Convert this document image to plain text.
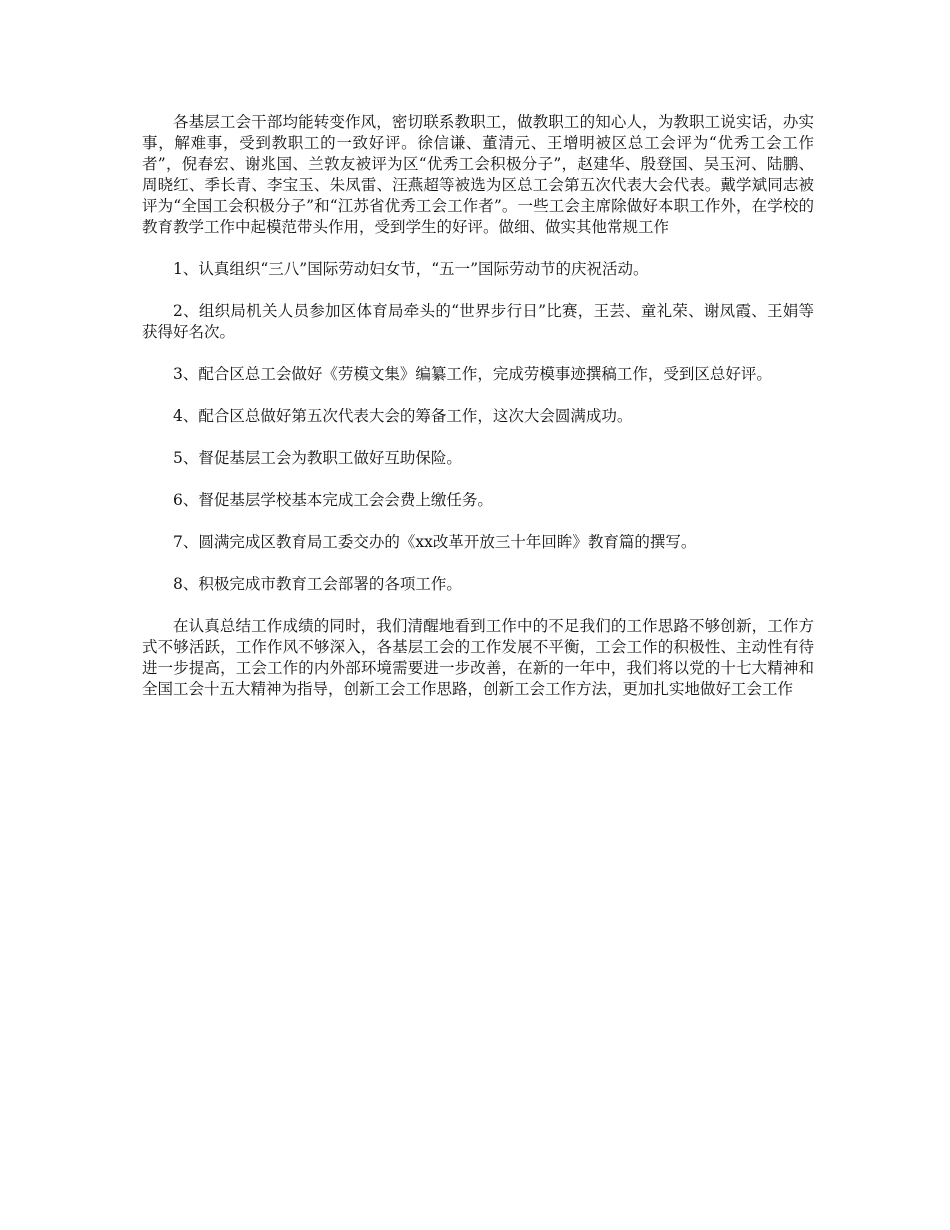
各基层工会干部均能转变作风，密切联系教职工，做教职工的知心人，为教职工说实话，办实事，解难事，受到教职工的一致好评。徐信谦、董清元、王增明被区总工会评为“优秀工会工作者”，倪春宏、谢兆国、兰敦友被评为区“优秀工会积极分子”，赵建华、殷登国、吴玉河、陆鹏、周晓红、季长青、李宝玉、朱凤雷、汪燕超等被选为区总工会第五次代表大会代表。戴学斌同志被评为“全国工会积极分子”和“江苏省优秀工会工作者”。一些工会主席除做好本职工作外，在学校的教育教学工作中起模范带头作用，受到学生的好评。做细、做实其他常规工作

1、认真组织“三八”国际劳动妇女节，“五一”国际劳动节的庆祝活动。

2、组织局机关人员参加区体育局牵头的“世界步行日”比赛，王芸、童礼荣、谢凤霞、王娟等获得好名次。

3、配合区总工会做好《劳模文集》编纂工作，完成劳模事迹撰稿工作，受到区总好评。

4、配合区总做好第五次代表大会的筹备工作，这次大会圆满成功。

5、督促基层工会为教职工做好互助保险。

6、督促基层学校基本完成工会会费上缴任务。

7、圆满完成区教育局工委交办的《xx改革开放三十年回眸》教育篇的撰写。

8、积极完成市教育工会部署的各项工作。

在认真总结工作成绩的同时，我们清醒地看到工作中的不足我们的工作思路不够创新，工作方式不够活跃，工作作风不够深入，各基层工会的工作发展不平衡，工会工作的积极性、主动性有待进一步提高，工会工作的内外部环境需要进一步改善，在新的一年中，我们将以党的十七大精神和全国工会十五大精神为指导，创新工会工作思路，创新工会工作方法，更加扎实地做好工会工作
